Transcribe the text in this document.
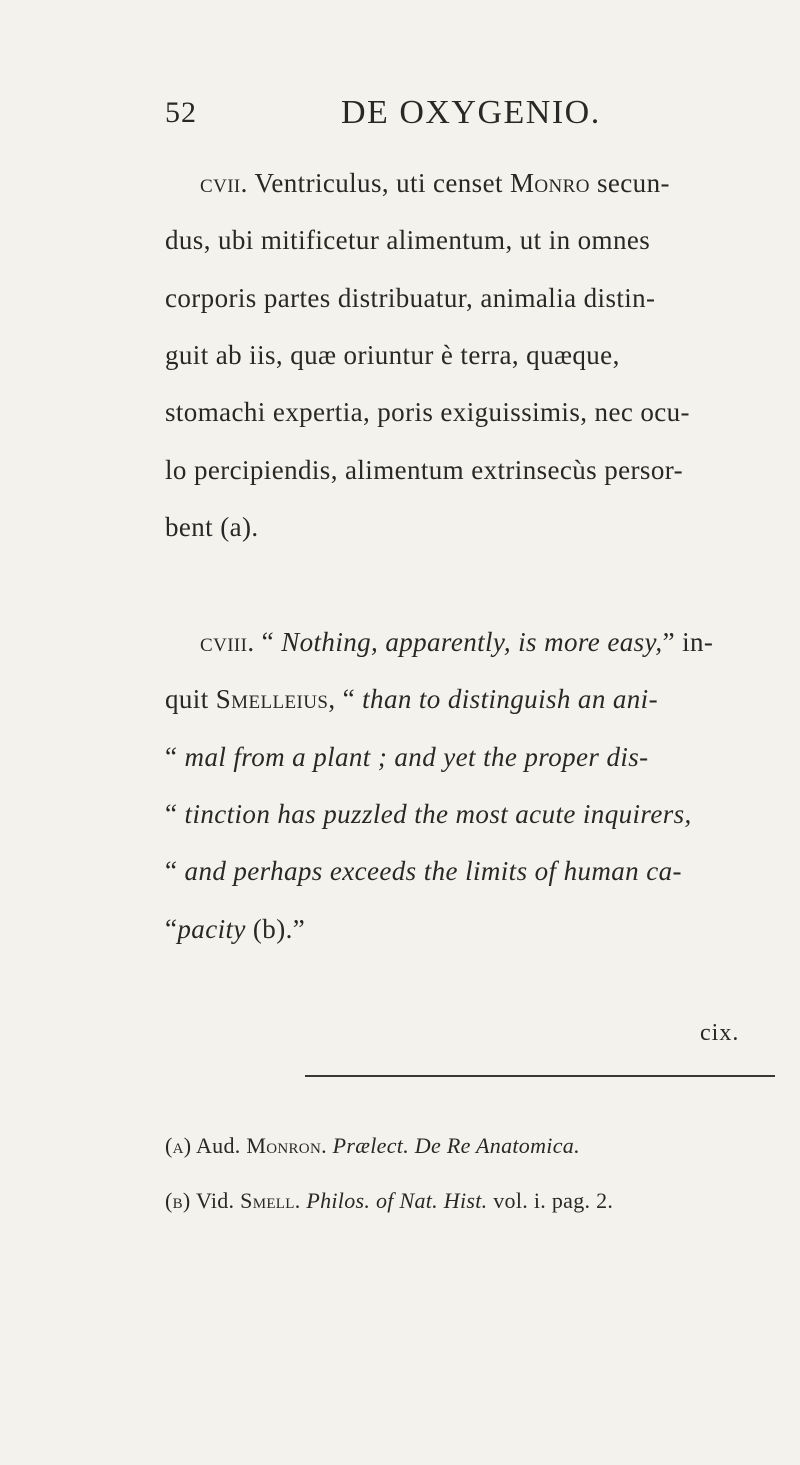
52	DE OXYGENIO.
cvii. Ventriculus, uti censet Monro secun-
dus, ubi mitificetur alimentum, ut in omnes
corporis partes distribuatur, animalia distin-
guit ab iis, quæ oriuntur è terra, quæque,
stomachi expertia, poris exiguissimis, nec ocu-
lo percipiendis, alimentum extrinsecùs persor-
bent (a).
cviii. “ Nothing, apparently, is more easy,” in-
quit Smelleius, “ than to distinguish an ani-
“ mal from a plant ; and yet the proper dis-
“ tinction has puzzled the most acute inquirers,
“ and perhaps exceeds the limits of human ca-
“pacity (b).”
cix.
(a) Aud. Monron. Prælect. De Re Anatomica.
(b) Vid. Smell. Philos. of Nat. Hist. vol. i. pag. 2.
